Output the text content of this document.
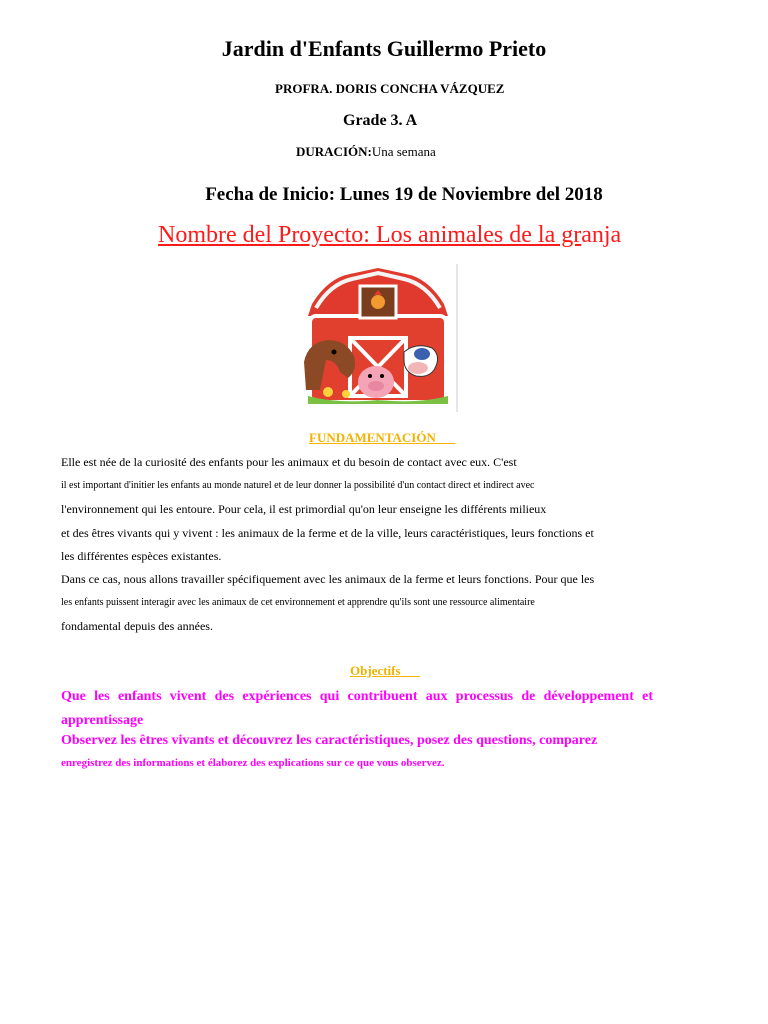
Jardin d'Enfants Guillermo Prieto
PROFRA. DORIS CONCHA VÁZQUEZ
Grade 3. A
DURACIÓN:Una semana
Fecha de Inicio: Lunes 19 de Noviembre del 2018
Nombre del Proyecto: Los animales de la granja
FUNDAMENTACIÓN
Elle est née de la curiosité des enfants pour les animaux et du besoin de contact avec eux. C'est
il est important d'initier les enfants au monde naturel et de leur donner la possibilité d'un contact direct et indirect avec
l'environnement qui les entoure. Pour cela, il est primordial qu'on leur enseigne les différents milieux
et des êtres vivants qui y vivent : les animaux de la ferme et de la ville, leurs caractéristiques, leurs fonctions et
les différentes espèces existantes.
Dans ce cas, nous allons travailler spécifiquement avec les animaux de la ferme et leurs fonctions. Pour que les
les enfants puissent interagir avec les animaux de cet environnement et apprendre qu'ils sont une ressource alimentaire
fondamental depuis des années.
Objectifs
Que les enfants vivent des expériences qui contribuent aux processus de développement et apprentissage
Observez les êtres vivants et découvrez les caractéristiques, posez des questions, comparez
enregistrez des informations et élaborez des explications sur ce que vous observez.
